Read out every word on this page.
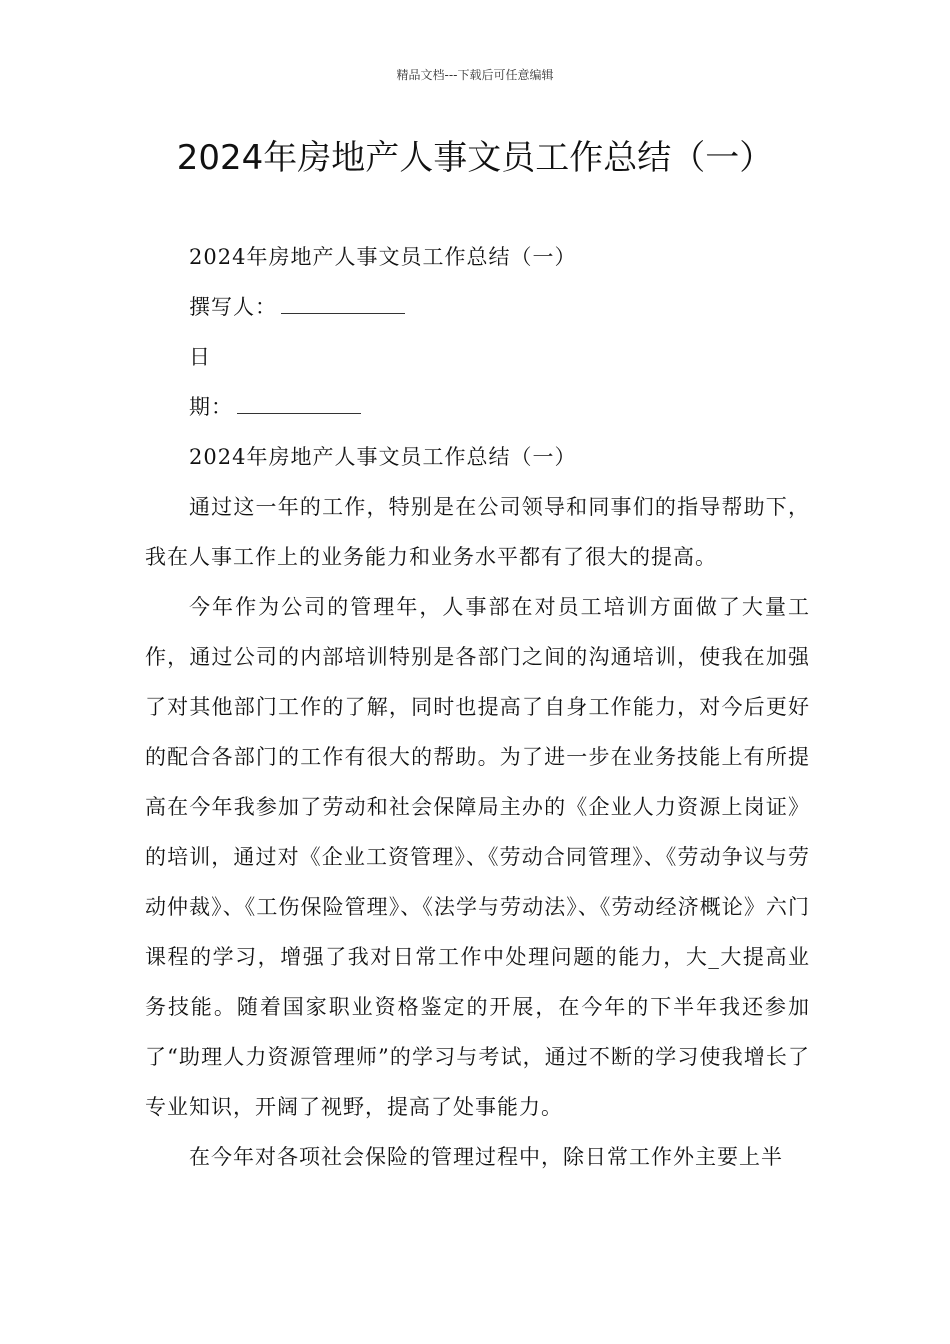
精品文档---下载后可任意编辑
2024年房地产人事文员工作总结（一）

2024年房地产人事文员工作总结（一）

撰写人：

日

期：

2024年房地产人事文员工作总结（一）

通过这一年的工作，特别是在公司领导和同事们的指导帮助下，我在人事工作上的业务能力和业务水平都有了很大的提高。

今年作为公司的管理年，人事部在对员工培训方面做了大量工作，通过公司的内部培训特别是各部门之间的沟通培训，使我在加强了对其他部门工作的了解，同时也提高了自身工作能力，对今后更好的配合各部门的工作有很大的帮助。为了进一步在业务技能上有所提高在今年我参加了劳动和社会保障局主办的《企业人力资源上岗证》的培训，通过对《企业工资管理》、《劳动合同管理》、《劳动争议与劳动仲裁》、《工伤保险管理》、《法学与劳动法》、《劳动经济概论》六门课程的学习，增强了我对日常工作中处理问题的能力，大_大提高业务技能。随着国家职业资格鉴定的开展，在今年的下半年我还参加了“助理人力资源管理师”的学习与考试，通过不断的学习使我增长了专业知识，开阔了视野，提高了处事能力。

在今年对各项社会保险的管理过程中，除日常工作外主要上半
